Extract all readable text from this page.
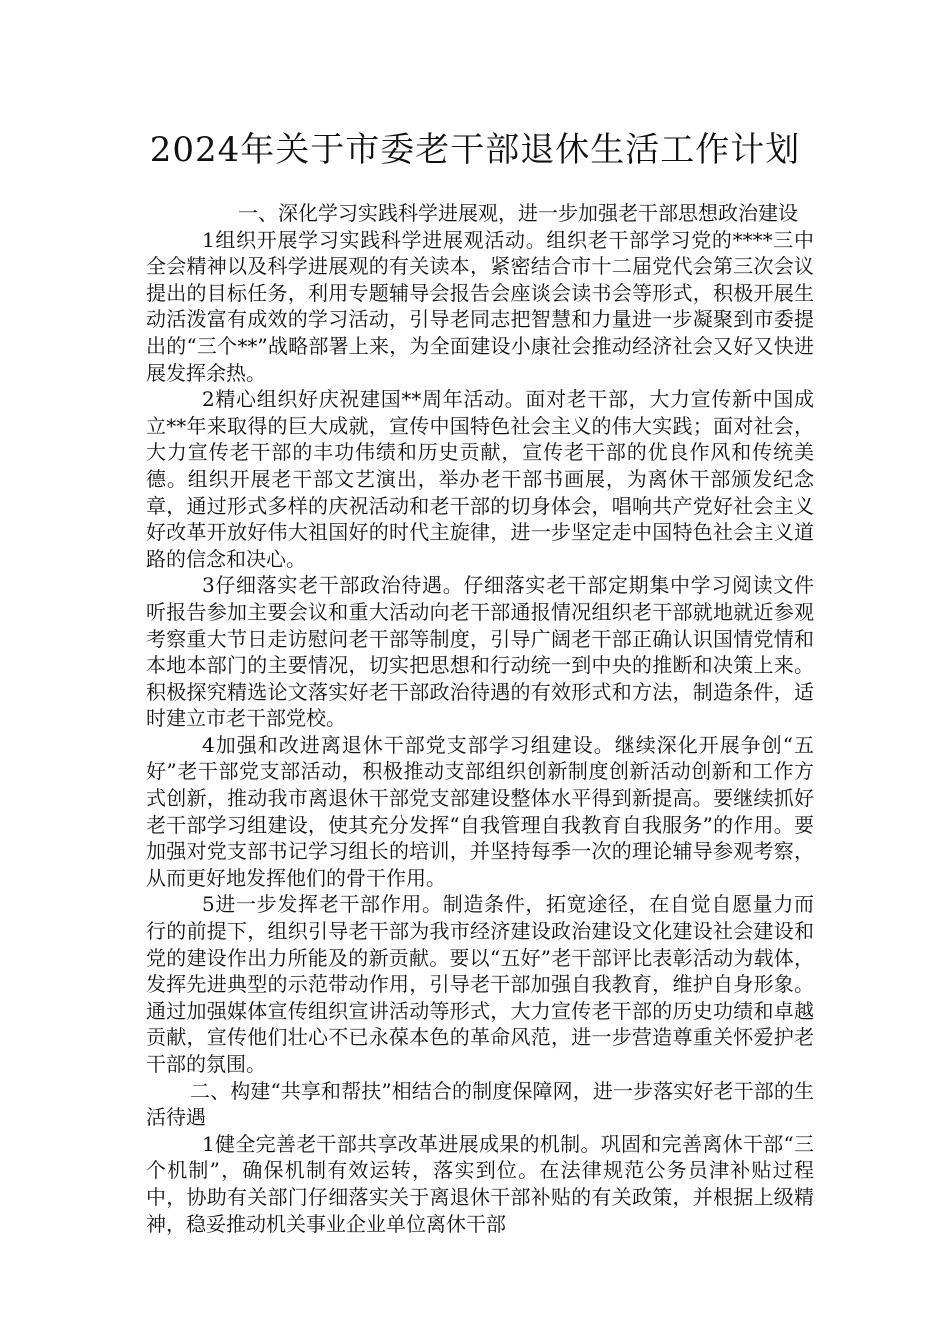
2024年关于市委老干部退休生活工作计划

一、深化学习实践科学进展观，进一步加强老干部思想政治建设

1组织开展学习实践科学进展观活动。组织老干部学习党的****三中全会精神以及科学进展观的有关读本，紧密结合市十二届党代会第三次会议提出的目标任务，利用专题辅导会报告会座谈会读书会等形式，积极开展生动活泼富有成效的学习活动，引导老同志把智慧和力量进一步凝聚到市委提出的“三个**”战略部署上来，为全面建设小康社会推动经济社会又好又快进展发挥余热。

2精心组织好庆祝建国**周年活动。面对老干部，大力宣传新中国成立**年来取得的巨大成就，宣传中国特色社会主义的伟大实践；面对社会，大力宣传老干部的丰功伟绩和历史贡献，宣传老干部的优良作风和传统美德。组织开展老干部文艺演出，举办老干部书画展，为离休干部颁发纪念章，通过形式多样的庆祝活动和老干部的切身体会，唱响共产党好社会主义好改革开放好伟大祖国好的时代主旋律，进一步坚定走中国特色社会主义道路的信念和决心。

3仔细落实老干部政治待遇。仔细落实老干部定期集中学习阅读文件听报告参加主要会议和重大活动向老干部通报情况组织老干部就地就近参观考察重大节日走访慰问老干部等制度，引导广阔老干部正确认识国情党情和本地本部门的主要情况，切实把思想和行动统一到中央的推断和决策上来。积极探究精选论文落实好老干部政治待遇的有效形式和方法，制造条件，适时建立市老干部党校。

4加强和改进离退休干部党支部学习组建设。继续深化开展争创“五好”老干部党支部活动，积极推动支部组织创新制度创新活动创新和工作方式创新，推动我市离退休干部党支部建设整体水平得到新提高。要继续抓好老干部学习组建设，使其充分发挥“自我管理自我教育自我服务”的作用。要加强对党支部书记学习组长的培训，并坚持每季一次的理论辅导参观考察，从而更好地发挥他们的骨干作用。

5进一步发挥老干部作用。制造条件，拓宽途径，在自觉自愿量力而行的前提下，组织引导老干部为我市经济建设政治建设文化建设社会建设和党的建设作出力所能及的新贡献。要以“五好”老干部评比表彰活动为载体，发挥先进典型的示范带动作用，引导老干部加强自我教育，维护自身形象。通过加强媒体宣传组织宣讲活动等形式，大力宣传老干部的历史功绩和卓越贡献，宣传他们壮心不已永葆本色的革命风范，进一步营造尊重关怀爱护老干部的氛围。

二、构建“共享和帮扶”相结合的制度保障网，进一步落实好老干部的生活待遇

1健全完善老干部共享改革进展成果的机制。巩固和完善离休干部“三个机制”，确保机制有效运转，落实到位。在法律规范公务员津补贴过程中，协助有关部门仔细落实关于离退休干部补贴的有关政策，并根据上级精神，稳妥推动机关事业企业单位离休干部
